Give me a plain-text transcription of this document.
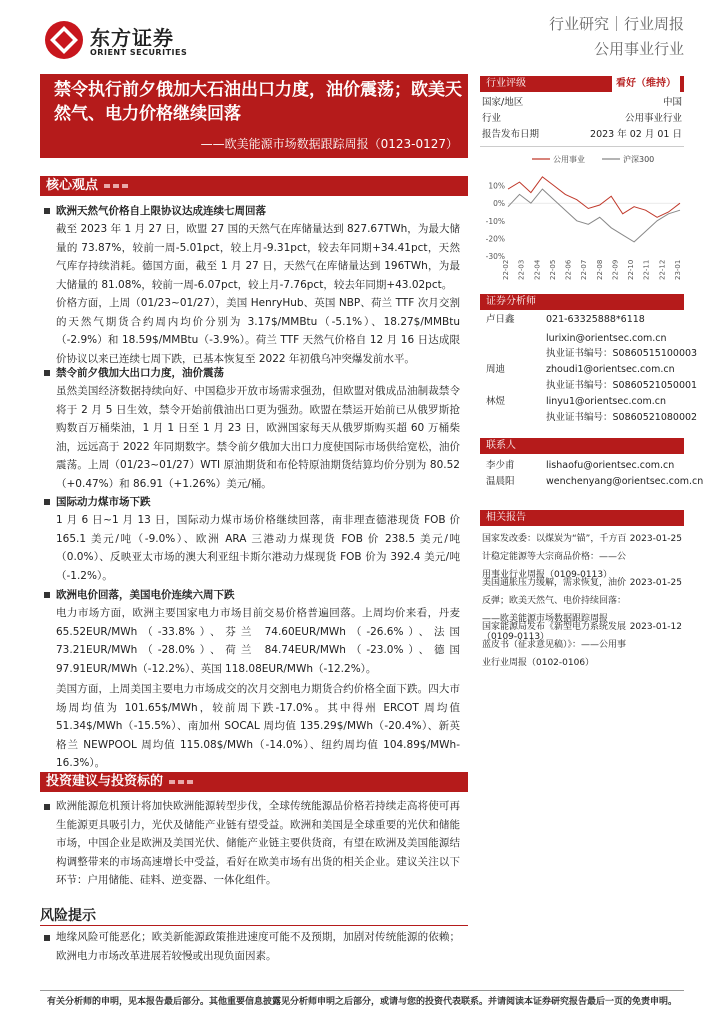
东方证券
ORIENT SECURITIES
行业研究｜行业周报
公用事业行业
禁令执行前夕俄加大石油出口力度，油价震荡；欧美天然气、电力价格继续回落
——欧美能源市场数据跟踪周报（0123-0127）
核心观点
欧洲天然气价格自上限协议达成连续七周回落
截至 2023 年 1 月 27 日，欧盟 27 国的天然气在库储量达到 827.67TWh，为最大储量的 73.87%，较前一周-5.01pct，较上月-9.31pct，较去年同期+34.41pct，天然气库存持续消耗。德国方面，截至 1 月 27 日，天然气在库储量达到 196TWh，为最大储量的 81.08%，较前一周-6.07pct，较上月-7.76pct，较去年同期+43.02pct。
价格方面，上周（01/23~01/27），美国 HenryHub、英国 NBP、荷兰 TTF 次月交割的天然气期货合约周内均价分别为 3.17$/MMBtu（-5.1%）、18.27$/MMBtu（-2.9%）和 18.59$/MMBtu（-3.9%）。荷兰 TTF 天然气价格自 12 月 16 日达成限价协议以来已连续七周下跌，已基本恢复至 2022 年初俄乌冲突爆发前水平。
禁令前夕俄加大出口力度，油价震荡
虽然美国经济数据持续向好、中国稳步开放市场需求强劲，但欧盟对俄成品油制裁禁令将于 2 月 5 日生效，禁令开始前俄油出口更为强劲。欧盟在禁运开始前已从俄罗斯抢购数百万桶柴油，1 月 1 日至 1 月 23 日，欧洲国家每天从俄罗斯购买超 60 万桶柴油，远远高于 2022 年同期数字。禁令前夕俄加大出口力度使国际市场供给宽松，油价震荡。上周（01/23~01/27）WTI 原油期货和布伦特原油期货结算均价分别为 80.52（+0.47%）和 86.91（+1.26%）美元/桶。
国际动力煤市场下跌
1 月 6 日~1 月 13 日，国际动力煤市场价格继续回落，南非理查德港现货 FOB 价 165.1 美元/吨（-9.0%）、欧洲 ARA 三港动力煤现货 FOB 价 238.5 美元/吨（0.0%）、反映亚太市场的澳大利亚纽卡斯尔港动力煤现货 FOB 价为 392.4 美元/吨（-1.2%）。
欧洲电价回落，美国电价连续六周下跌
电力市场方面，欧洲主要国家电力市场目前交易价格普遍回落。上周均价来看，丹麦 65.52EUR/MWh（-33.8%）、芬兰 74.60EUR/MWh（-26.6%）、法国 73.21EUR/MWh（-28.0%）、荷兰 84.74EUR/MWh（-23.0%）、德国 97.91EUR/MWh（-12.2%）、英国 118.08EUR/MWh（-12.2%）。
美国方面，上周美国主要电力市场成交的次月交割电力期货合约价格全面下跌。四大市场周均值为 101.65$/MWh，较前周下跌-17.0%。其中得州 ERCOT 周均值 51.34$/MWh（-15.5%）、南加州 SOCAL 周均值 135.29$/MWh（-20.4%）、新英格兰 NEWPOOL 周均值 115.08$/MWh（-14.0%）、纽约周均值 104.89$/MWh-16.3%）。
投资建议与投资标的
欧洲能源危机预计将加快欧洲能源转型步伐，全球传统能源品价格若持续走高将使可再生能源更具吸引力，光伏及储能产业链有望受益。欧洲和美国是全球重要的光伏和储能市场，中国企业是欧洲及美国光伏、储能产业链主要供货商，有望在欧洲及美国能源结构调整带来的市场高速增长中受益，看好在欧美市场有出货的相关企业。建议关注以下环节：户用储能、硅料、逆变器、一体化组件。
风险提示
地缘风险可能恶化；欧美新能源政策推进速度可能不及预期，加剧对传统能源的依赖；欧洲电力市场改革进展若较慢或出现负面因素。
行业评级	看好（维持）
国家/地区	中国
行业	公用事业行业
报告发布日期	2023 年 02 月 01 日
公用事业	沪深300
10%
0%
-10%
-20%
-30%
22-02 22-03 22-04 22-05 22-06 22-07 22-08 22-09 22-10 22-11 22-12 23-01
证券分析师
卢日鑫	021-63325888*6118
lurixin@orientsec.com.cn
执业证书编号：S0860515100003
周迪	zhoudi1@orientsec.com.cn
执业证书编号：S0860521050001
林煜	linyu1@orientsec.com.cn
执业证书编号：S0860521080002
联系人
李少甫	lishaofu@orientsec.com.cn
温晨阳	wenchenyang@orientsec.com.cn
相关报告
国家发改委：以煤炭为“锚”，千方百计稳定能源等大宗商品价格：——公用事业行业周报（0109-0113）
2023-01-25
美国通胀压力缓解，需求恢复，油价反弹；欧美天然气、电价持续回落：——欧美能源市场数据跟踪周报（0109-0113）
2023-01-25
国家能源局发布《新型电力系统发展蓝皮书（征求意见稿）》：——公用事业行业周报（0102-0106）
2023-01-12
有关分析师的申明，见本报告最后部分。其他重要信息披露见分析师申明之后部分，或请与您的投资代表联系。并请阅读本证券研究报告最后一页的免责申明。
